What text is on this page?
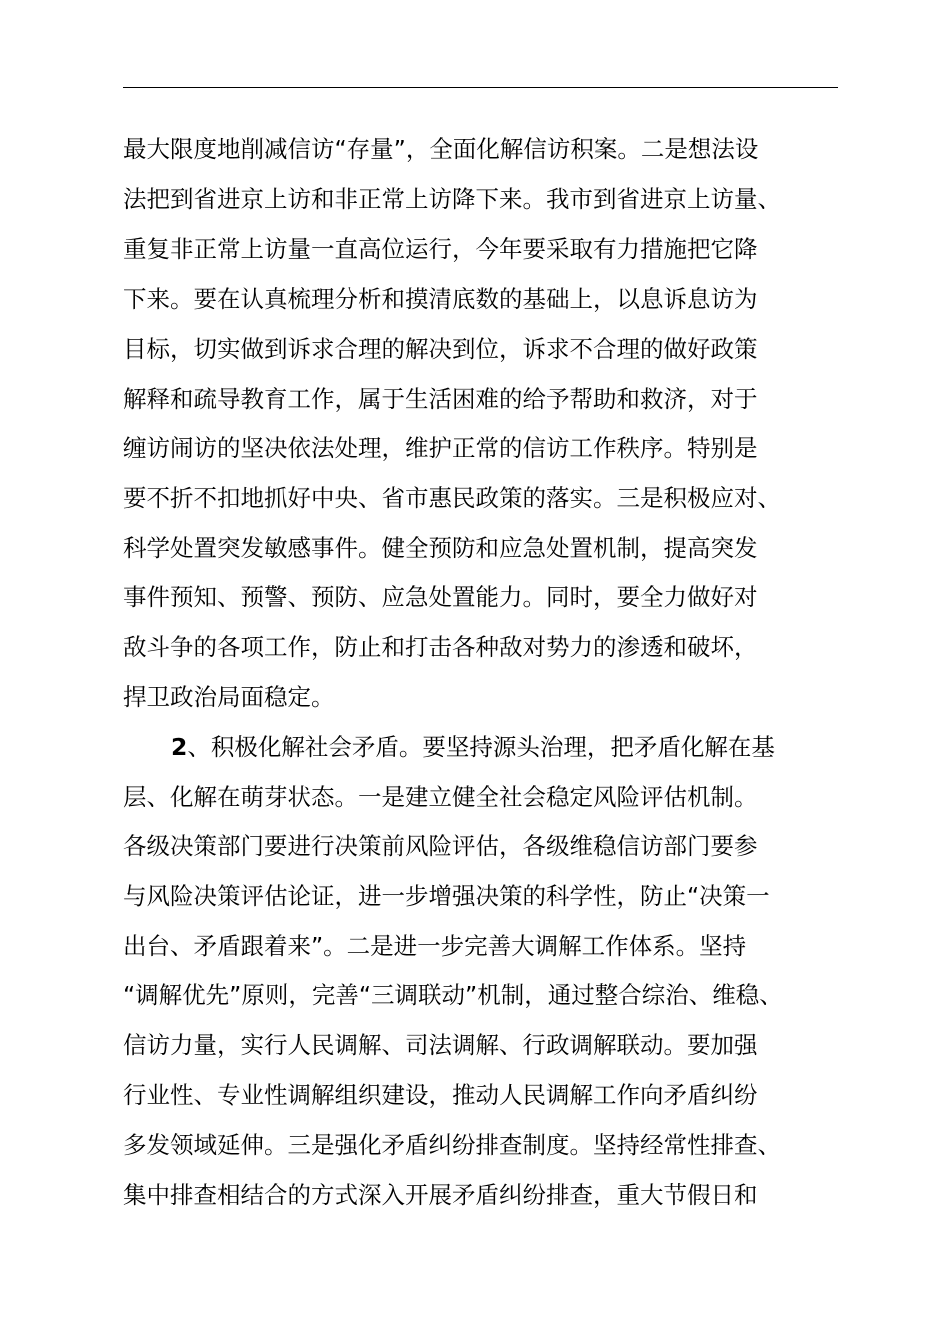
最大限度地削减信访“存量”，全面化解信访积案。二是想法设
法把到省进京上访和非正常上访降下来。我市到省进京上访量、
重复非正常上访量一直高位运行，今年要采取有力措施把它降
下来。要在认真梳理分析和摸清底数的基础上，以息诉息访为
目标，切实做到诉求合理的解决到位，诉求不合理的做好政策
解释和疏导教育工作，属于生活困难的给予帮助和救济，对于
缠访闹访的坚决依法处理，维护正常的信访工作秩序。特别是
要不折不扣地抓好中央、省市惠民政策的落实。三是积极应对、
科学处置突发敏感事件。健全预防和应急处置机制，提高突发
事件预知、预警、预防、应急处置能力。同时，要全力做好对
敌斗争的各项工作，防止和打击各种敌对势力的渗透和破坏，
捍卫政治局面稳定。
2、积极化解社会矛盾。要坚持源头治理，把矛盾化解在基
层、化解在萌芽状态。一是建立健全社会稳定风险评估机制。
各级决策部门要进行决策前风险评估，各级维稳信访部门要参
与风险决策评估论证，进一步增强决策的科学性，防止“决策一
出台、矛盾跟着来”。二是进一步完善大调解工作体系。坚持
“调解优先”原则，完善“三调联动”机制，通过整合综治、维稳、
信访力量，实行人民调解、司法调解、行政调解联动。要加强
行业性、专业性调解组织建设，推动人民调解工作向矛盾纠纷
多发领域延伸。三是强化矛盾纠纷排查制度。坚持经常性排查、
集中排查相结合的方式深入开展矛盾纠纷排查，重大节假日和
